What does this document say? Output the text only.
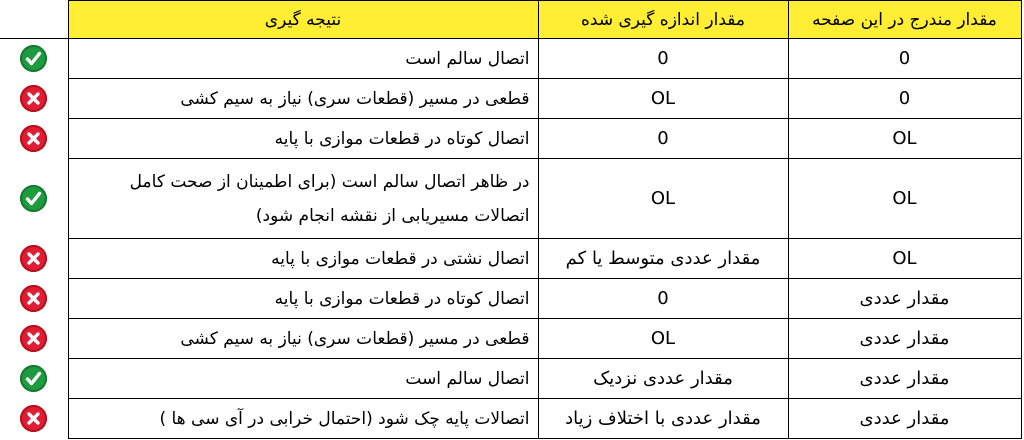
مقدار مندرج در این صفحه	مقدار اندازه گیری شده	نتیجه گیری	
0	0	اتصال سالم است	

0	OL	قطعی در مسیر (قطعات سری) نیاز به سیم کشی	

OL	0	اتصال کوتاه در قطعات موازی با پایه	

OL	OL	در ظاهر اتصال سالم است (برای اطمینان از صحت کامل
اتصالات مسیریابی از نقشه انجام شود)

OL	مقدار عددی متوسط یا کم	اتصال نشتی در قطعات موازی با پایه	

مقدار عددی	0	اتصال کوتاه در قطعات موازی با پایه	

مقدار عددی	OL	قطعی در مسیر (قطعات سری) نیاز به سیم کشی	

مقدار عددی	مقدار عددی نزدیک	اتصال سالم است	

مقدار عددی	مقدار عددی با اختلاف زیاد	اتصالات پایه چک شود (احتمال خرابی در آی سی ها )	
